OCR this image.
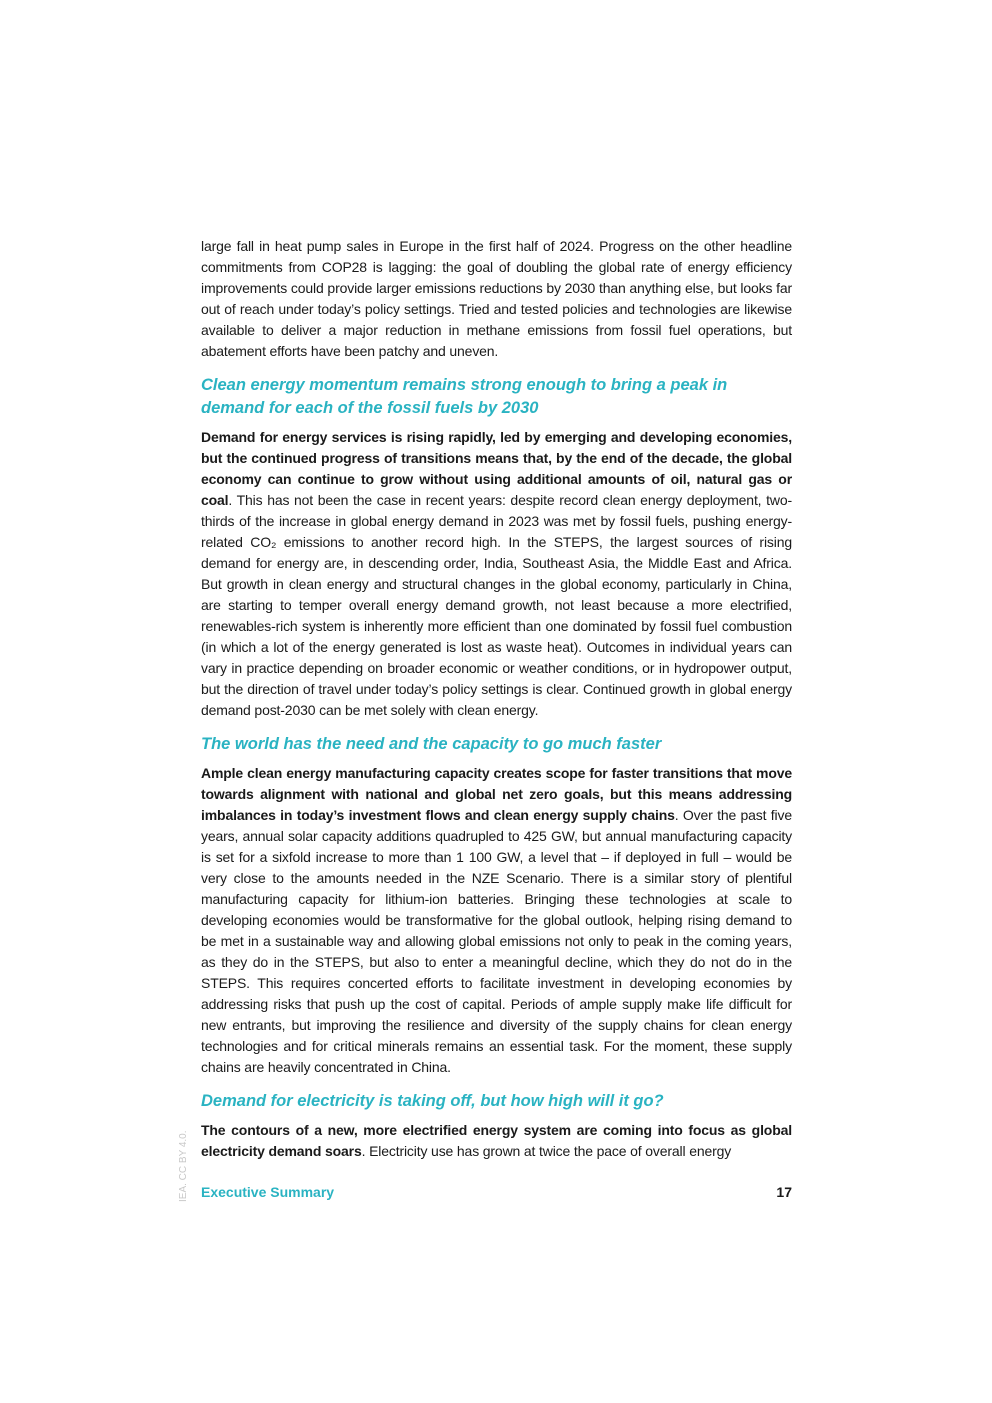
large fall in heat pump sales in Europe in the first half of 2024. Progress on the other headline commitments from COP28 is lagging: the goal of doubling the global rate of energy efficiency improvements could provide larger emissions reductions by 2030 than anything else, but looks far out of reach under today’s policy settings. Tried and tested policies and technologies are likewise available to deliver a major reduction in methane emissions from fossil fuel operations, but abatement efforts have been patchy and uneven.

Clean energy momentum remains strong enough to bring a peak in demand for each of the fossil fuels by 2030

Demand for energy services is rising rapidly, led by emerging and developing economies, but the continued progress of transitions means that, by the end of the decade, the global economy can continue to grow without using additional amounts of oil, natural gas or coal. This has not been the case in recent years: despite record clean energy deployment, two-thirds of the increase in global energy demand in 2023 was met by fossil fuels, pushing energy-related CO₂ emissions to another record high. In the STEPS, the largest sources of rising demand for energy are, in descending order, India, Southeast Asia, the Middle East and Africa. But growth in clean energy and structural changes in the global economy, particularly in China, are starting to temper overall energy demand growth, not least because a more electrified, renewables-rich system is inherently more efficient than one dominated by fossil fuel combustion (in which a lot of the energy generated is lost as waste heat). Outcomes in individual years can vary in practice depending on broader economic or weather conditions, or in hydropower output, but the direction of travel under today’s policy settings is clear. Continued growth in global energy demand post-2030 can be met solely with clean energy.

The world has the need and the capacity to go much faster

Ample clean energy manufacturing capacity creates scope for faster transitions that move towards alignment with national and global net zero goals, but this means addressing imbalances in today’s investment flows and clean energy supply chains. Over the past five years, annual solar capacity additions quadrupled to 425 GW, but annual manufacturing capacity is set for a sixfold increase to more than 1 100 GW, a level that – if deployed in full – would be very close to the amounts needed in the NZE Scenario. There is a similar story of plentiful manufacturing capacity for lithium-ion batteries. Bringing these technologies at scale to developing economies would be transformative for the global outlook, helping rising demand to be met in a sustainable way and allowing global emissions not only to peak in the coming years, as they do in the STEPS, but also to enter a meaningful decline, which they do not do in the STEPS. This requires concerted efforts to facilitate investment in developing economies by addressing risks that push up the cost of capital. Periods of ample supply make life difficult for new entrants, but improving the resilience and diversity of the supply chains for clean energy technologies and for critical minerals remains an essential task. For the moment, these supply chains are heavily concentrated in China.

Demand for electricity is taking off, but how high will it go?

The contours of a new, more electrified energy system are coming into focus as global electricity demand soars. Electricity use has grown at twice the pace of overall energy

IEA. CC BY 4.0. Executive Summary	17
